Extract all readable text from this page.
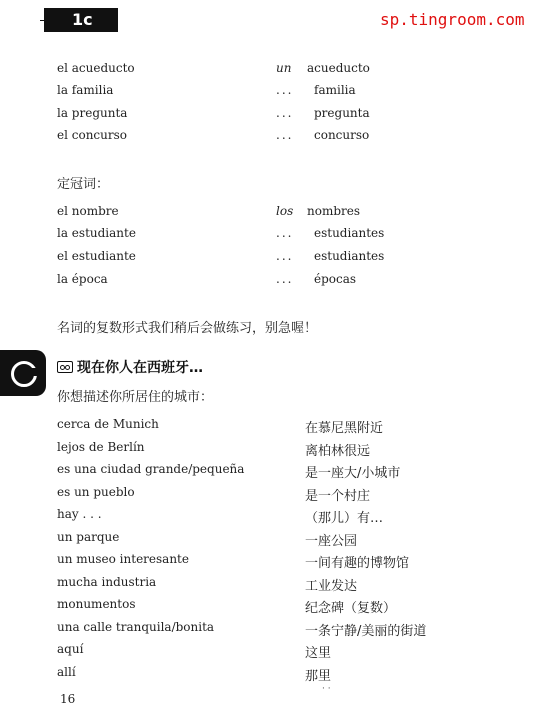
1c	sp.tingroom.com
el acueducto	un acueducto
la familia	... familia
la pregunta	... pregunta
el concurso	... concurso
定冠词：
el nombre	los nombres
la estudiante	... estudiantes
el estudiante	... estudiantes
la época	... épocas
名词的复数形式我们稍后会做练习，别急喔！
现在你人在西班牙…
你想描述你所居住的城市：
cerca de Munich	在慕尼黑附近
lejos de Berlín	离柏林很远
es una ciudad grande/pequeña	是一座大/小城市
es un pueblo	是一个村庄
hay . . .	（那儿）有…
un parque	一座公园
un museo interesante	一间有趣的博物馆
mucha industria	工业发达
monumentos	纪念碑（复数）
una calle tranquila/bonita	一条宁静/美丽的街道
aquí	这里
allí	那里
· ·
16
